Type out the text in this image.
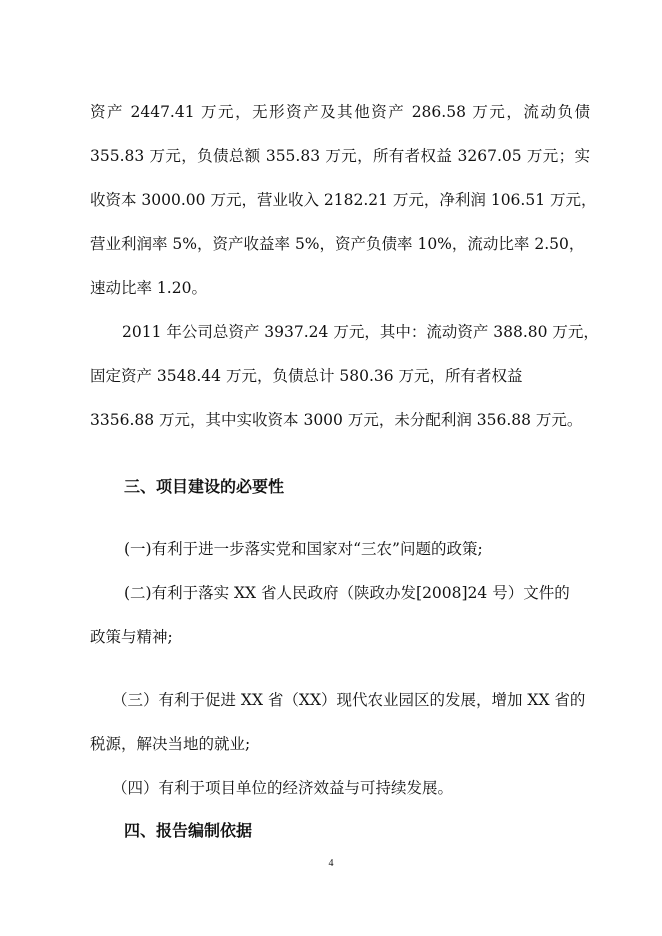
资产 2447.41 万元，无形资产及其他资产 286.58 万元，流动负债
355.83 万元，负债总额 355.83 万元，所有者权益 3267.05 万元；实
收资本 3000.00 万元，营业收入 2182.21 万元，净利润 106.51 万元，
营业利润率 5%，资产收益率 5%，资产负债率 10%，流动比率 2.50，
速动比率 1.20。
2011 年公司总资产 3937.24 万元，其中：流动资产 388.80 万元，
固定资产 3548.44 万元，负债总计 580.36 万元，所有者权益
3356.88 万元，其中实收资本 3000 万元，未分配利润 356.88 万元。
三、项目建设的必要性
(一)有利于进一步落实党和国家对“三农”问题的政策;
(二)有利于落实 XX 省人民政府（陕政办发[2008]24 号）文件的
政策与精神;
（三）有利于促进 XX 省（XX）现代农业园区的发展，增加 XX 省的
税源，解决当地的就业;
（四）有利于项目单位的经济效益与可持续发展。
四、报告编制依据
4
